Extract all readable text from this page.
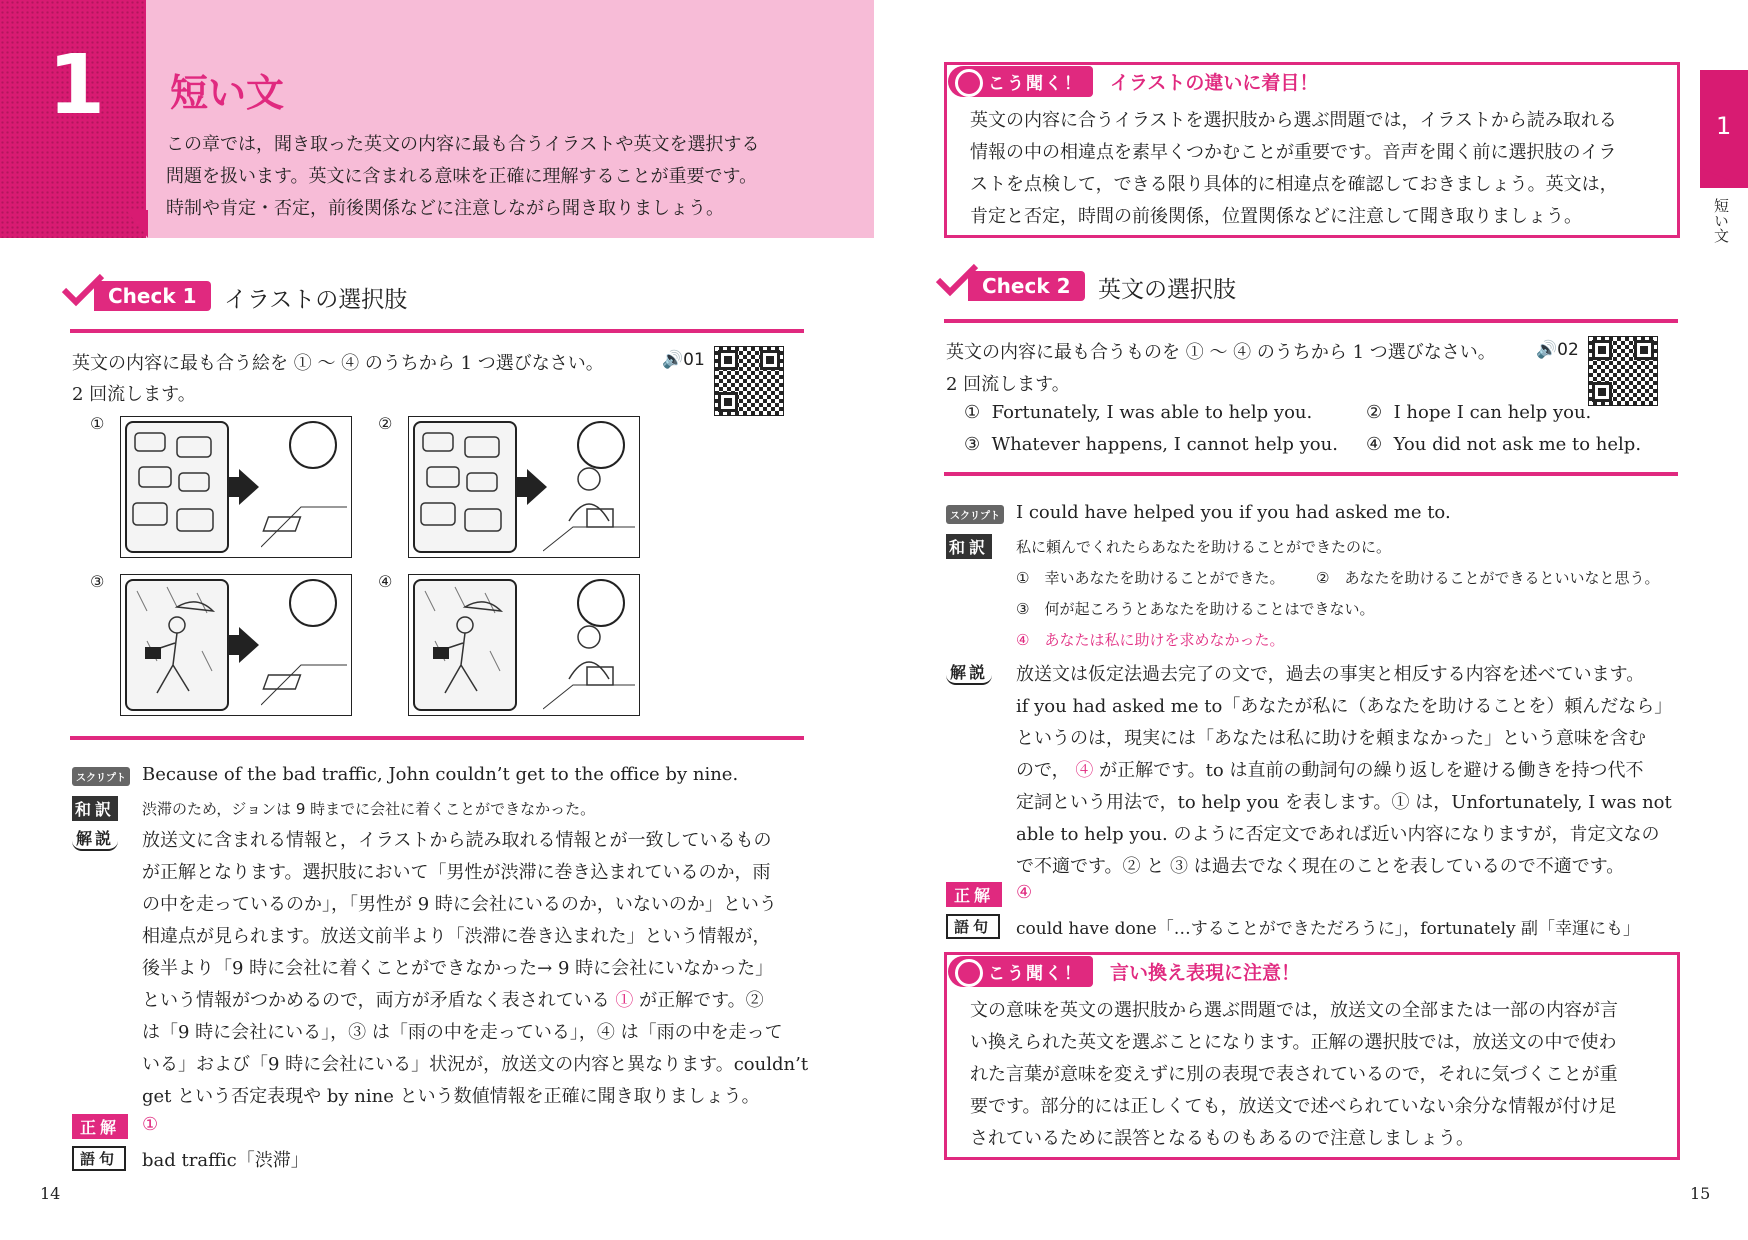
1 短い文
この章では，聞き取った英文の内容に最も合うイラストや英文を選択する
問題を扱います。英文に含まれる意味を正確に理解することが重要です。
時制や肯定・否定，前後関係などに注意しながら聞き取りましょう。
Check 1	イラストの選択肢
英文の内容に最も合う絵を ① ～ ④ のうちから 1 つ選びなさい。
2 回流します。
🔊01
①	②
③	④
スクリプト Because of the bad traffic, John couldn’t get to the office by nine.
和訳 渋滞のため，ジョンは 9 時までに会社に着くことができなかった。
解説 放送文に含まれる情報と，イラストから読み取れる情報とが一致しているもの
が正解となります。選択肢において「男性が渋滞に巻き込まれているのか，雨
の中を走っているのか」，「男性が 9 時に会社にいるのか，いないのか」という
相違点が見られます。放送文前半より「渋滞に巻き込まれた」という情報が，
後半より「9 時に会社に着くことができなかった→ 9 時に会社にいなかった」
という情報がつかめるので，両方が矛盾なく表されている ① が正解です。②
は「9 時に会社にいる」，③ は「雨の中を走っている」，④ は「雨の中を走って
いる」および「9 時に会社にいる」状況が，放送文の内容と異なります。couldn’t
get という否定表現や by nine という数値情報を正確に聞き取りましょう。
正解	①
語句	bad traffic「渋滞」
14
こう聞く！	イラストの違いに着目！
英文の内容に合うイラストを選択肢から選ぶ問題では，イラストから読み取れる
情報の中の相違点を素早くつかむことが重要です。音声を聞く前に選択肢のイラ
ストを点検して，できる限り具体的に相違点を確認しておきましょう。英文は，
肯定と否定，時間の前後関係，位置関係などに注意して聞き取りましょう。
1
短い文
Check 2	英文の選択肢
英文の内容に最も合うものを ① ～ ④ のうちから 1 つ選びなさい。
2 回流します。
🔊02
① Fortunately, I was able to help you.	② I hope I can help you.
③ Whatever happens, I cannot help you. ④ You did not ask me to help.
スクリプト I could have helped you if you had asked me to.
和訳 私に頼んでくれたらあなたを助けることができたのに。
①　幸いあなたを助けることができた。 ②　あなたを助けることができるといいなと思う。
③　何が起ころうとあなたを助けることはできない。
④　あなたは私に助けを求めなかった。
解説 放送文は仮定法過去完了の文で，過去の事実と相反する内容を述べています。
if you had asked me to「あなたが私に（あなたを助けることを）頼んだなら」
というのは，現実には「あなたは私に助けを頼まなかった」という意味を含む
ので， ④ が正解です。to は直前の動詞句の繰り返しを避ける働きを持つ代不
定詞という用法で，to help you を表します。① は，Unfortunately, I was not
able to help you. のように否定文であれば近い内容になりますが，肯定文なの
で不適です。② と ③ は過去でなく現在のことを表しているので不適です。
正解	④
語句	could have done「…することができただろうに」，fortunately 副「幸運にも」
こう聞く！	言い換え表現に注意！
文の意味を英文の選択肢から選ぶ問題では，放送文の全部または一部の内容が言
い換えられた英文を選ぶことになります。正解の選択肢では，放送文の中で使わ
れた言葉が意味を変えずに別の表現で表されているので，それに気づくことが重
要です。部分的には正しくても，放送文で述べられていない余分な情報が付け足
されているために誤答となるものもあるので注意しましょう。
15
